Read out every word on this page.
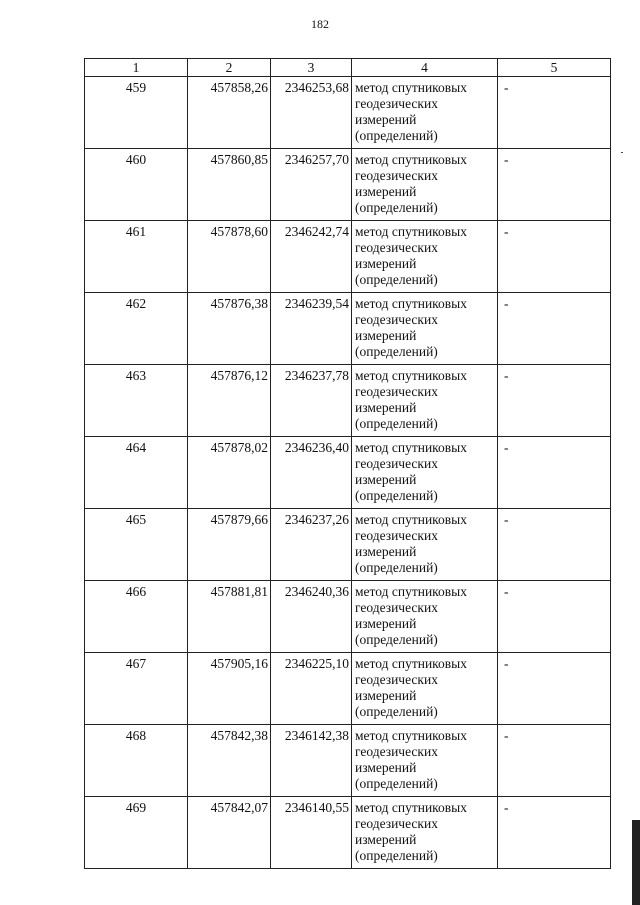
182
1	2	3	4	5
459	457858,26	2346253,68	метод спутниковых геодезических измерений (определений)	-
460	457860,85	2346257,70	метод спутниковых геодезических измерений (определений)	-
461	457878,60	2346242,74	метод спутниковых геодезических измерений (определений)	-
462	457876,38	2346239,54	метод спутниковых геодезических измерений (определений)	-
463	457876,12	2346237,78	метод спутниковых геодезических измерений (определений)	-
464	457878,02	2346236,40	метод спутниковых геодезических измерений (определений)	-
465	457879,66	2346237,26	метод спутниковых геодезических измерений (определений)	-
466	457881,81	2346240,36	метод спутниковых геодезических измерений (определений)	-
467	457905,16	2346225,10	метод спутниковых геодезических измерений (определений)	-
468	457842,38	2346142,38	метод спутниковых геодезических измерений (определений)	-
469	457842,07	2346140,55	метод спутниковых геодезических измерений (определений)	-
